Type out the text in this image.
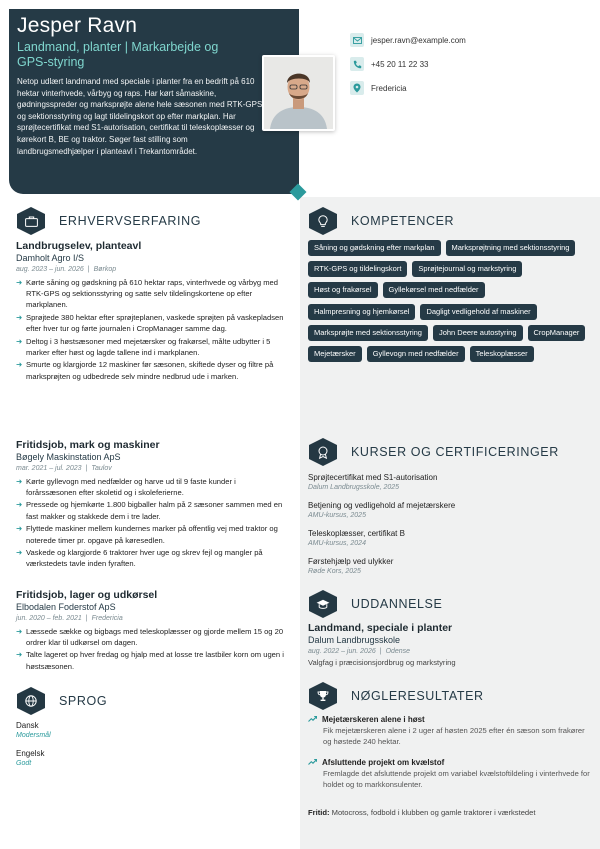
Jesper Ravn
Landmand, planter | Markarbejde og GPS-styring

Netop udlært landmand med speciale i planter fra en bedrift på 610 hektar vinterhvede, vårbyg og raps. Har kørt såmaskine, gødningsspreder og marksprøjte alene hele sæsonen med RTK-GPS og sektionsstyring og lagt tildelingskort op efter markplan. Har sprøjtecertifikat med S1-autorisation, certifikat til teleskoplæsser og kørekort B, BE og traktor. Søger fast stilling som landbrugsmedhjælper i planteavl i Trekantområdet.

jesper.ravn@example.com
+45 20 11 22 33
Fredericia
ERHVERVSERFARING
Landbrugselev, planteavl
Damholt Agro I/S
aug. 2023 – jun. 2026 | Børkop
➜ Kørte såning og gødskning på 610 hektar raps, vinterhvede og vårbyg med RTK-GPS og sektionsstyring og satte selv tildelingskortene op efter markplanen.
➜ Sprøjtede 380 hektar efter sprøjteplanen, vaskede sprøjten på vaskepladsen efter hver tur og førte journalen i CropManager samme dag.
➜ Deltog i 3 høstsæsoner med mejetærsker og frakørsel, målte udbytter i 5 marker efter høst og lagde tallene ind i markplanen.
➜ Smurte og klargjorde 12 maskiner før sæsonen, skiftede dyser og filtre på marksprøjten og udbedrede selv mindre nedbrud ude i marken.
Fritidsjob, mark og maskiner
Bøgely Maskinstation ApS
mar. 2021 – jul. 2023 | Taulov
➜ Kørte gyllevogn med nedfælder og harve ud til 9 faste kunder i forårssæsonen efter skoletid og i skoleferierne.
➜ Pressede og hjemkørte 1.800 bigballer halm på 2 sæsoner sammen med en fast makker og stakkede dem i tre lader.
➜ Flyttede maskiner mellem kundernes marker på offentlig vej med traktor og noterede timer pr. opgave på køresedlen.
➜ Vaskede og klargjorde 6 traktorer hver uge og skrev fejl og mangler på værkstedets tavle inden fyraften.
Fritidsjob, lager og udkørsel
Elbodalen Foderstof ApS
jun. 2020 – feb. 2021 | Fredericia
➜ Læssede sække og bigbags med teleskoplæsser og gjorde mellem 15 og 20 ordrer klar til udkørsel om dagen.
➜ Talte lageret op hver fredag og hjalp med at losse tre lastbiler korn om ugen i høstsæsonen.
SPROG
Dansk
Modersmål
Engelsk
Godt
KOMPETENCER
Såning og gødskning efter markplan	Marksprøjtning med sektionsstyring
RTK-GPS og tildelingskort	Sprøjtejournal og markstyring
Høst og frakørsel	Gyllekørsel med nedfælder
Halmpresning og hjemkørsel	Dagligt vedligehold af maskiner
Marksprøjte med sektionsstyring	John Deere autostyring	CropManager
Mejetærsker	Gyllevogn med nedfælder	Teleskoplæsser
KURSER OG CERTIFICERINGER
Sprøjtecertifikat med S1-autorisation
Dalum Landbrugsskole, 2025
Betjening og vedligehold af mejetærskere
AMU-kursus, 2025
Teleskoplæsser, certifikat B
AMU-kursus, 2024
Førstehjælp ved ulykker
Røde Kors, 2025
UDDANNELSE
Landmand, speciale i planter
Dalum Landbrugsskole
aug. 2022 – jun. 2026 | Odense
Valgfag i præcisionsjordbrug og markstyring
NØGLERESULTATER
Mejetærskeren alene i høst
Fik mejetærskeren alene i 2 uger af høsten 2025 efter én sæson som frakører og høstede 240 hektar.
Afsluttende projekt om kvælstof
Fremlagde det afsluttende projekt om variabel kvælstoftildeling i vinterhvede for holdet og to markkonsulenter.
Fritid: Motocross, fodbold i klubben og gamle traktorer i værkstedet
